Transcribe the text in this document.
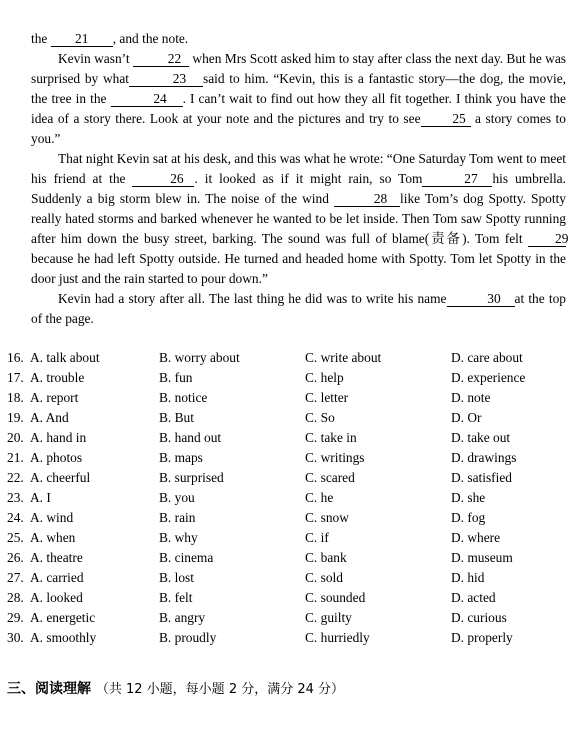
the 21 , and the note.

Kevin wasn’t	22 when Mrs Scott asked him to stay after class the next day. But he was surprised by what	23 said to him. “Kevin, this is a fantastic story—the dog, the movie, the tree in the	24 . I can’t wait to find out how they all fit together. I think you have the idea of a story there. Look at your note and the pictures and try to see 25 a story comes to you.”

That night Kevin sat at his desk, and this was what he wrote: “One Saturday Tom went to meet his friend at the	26 . it looked as if it might rain, so Tom	27 his umbrella. Suddenly a big storm blew in. The noise of the wind	28 like Tom’s dog Spotty. Spotty really hated storms and barked whenever he wanted to be let inside. Then Tom saw Spotty running after him down the busy street, barking. The sound was full of blame(责备). Tom felt 29 because he had left Spotty outside. He turned and headed home with Spotty. Tom let Spotty in the door just and the rain started to pour down.”

Kevin had a story after all. The last thing he did was to write his name	30 at the top of the page.

16. A. talk about	B. worry about	C. write about	D. care about
17. A. trouble	B. fun	C. help	D. experience
18. A. report	B. notice	C. letter	D. note
19. A. And	B. But	C. So	D. Or
20. A. hand in	B. hand out	C. take in	D. take out
21. A. photos	B. maps	C. writings	D. drawings
22. A. cheerful	B. surprised	C. scared	D. satisfied
23. A. I	B. you	C. he	D. she
24. A. wind	B. rain	C. snow	D. fog
25. A. when	B. why	C. if	D. where
26. A. theatre	B. cinema	C. bank	D. museum
27. A. carried	B. lost	C. sold	D. hid
28. A. looked	B. felt	C. sounded	D. acted
29. A. energetic	B. angry	C. guilty	D. curious
30. A. smoothly	B. proudly	C. hurriedly	D. properly
三、阅读理解 （共 12 小题，每小题 2 分，满分 24 分）
